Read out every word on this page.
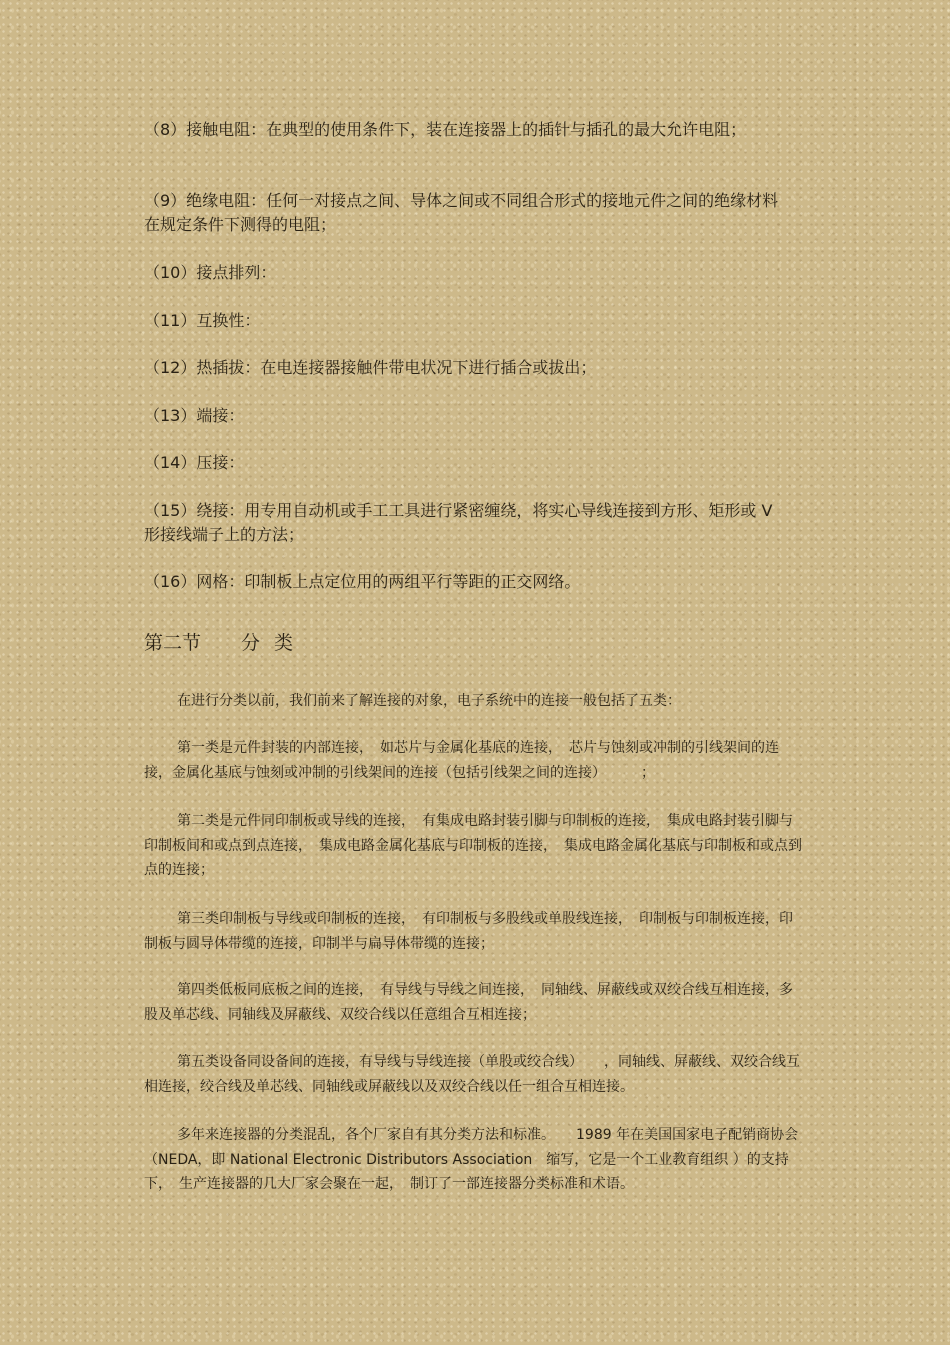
（8）接触电阻：在典型的使用条件下，装在连接器上的插针与插孔的最大允许电阻；

（9）绝缘电阻：任何一对接点之间、导体之间或不同组合形式的接地元件之间的绝缘材料在规定条件下测得的电阻；

（10）接点排列：

（11）互换性：

（12）热插拔：在电连接器接触件带电状况下进行插合或拔出；

（13）端接：

（14）压接：

（15）绕接：用专用自动机或手工工具进行紧密缠绕，将实心导线连接到方形、矩形或 V形接线端子上的方法；

（16）网格：印制板上点定位用的两组平行等距的正交网络。

第二节 分类

在进行分类以前，我们前来了解连接的对象，电子系统中的连接一般包括了五类：

第一类是元件封装的内部连接，　如芯片与金属化基底的连接，　芯片与蚀刻或冲制的引线架间的连接，金属化基底与蚀刻或冲制的引线架间的连接（包括引线架之间的连接）　　　；

第二类是元件同印制板或导线的连接，　有集成电路封装引脚与印制板的连接，　集成电路封装引脚与印制板间和或点到点连接，　集成电路金属化基底与印制板的连接，　集成电路金属化基底与印制板和或点到点的连接；

第三类印制板与导线或印制板的连接，　有印制板与多股线或单股线连接，　印制板与印制板连接，印制板与圆导体带缆的连接，印制半与扁导体带缆的连接；

第四类低板同底板之间的连接，　有导线与导线之间连接，　同轴线、屏蔽线或双绞合线互相连接，多股及单芯线、同轴线及屏蔽线、双绞合线以任意组合互相连接；

第五类设备同设备间的连接，有导线与导线连接（单股或绞合线）　　，同轴线、屏蔽线、双绞合线互相连接，绞合线及单芯线、同轴线或屏蔽线以及双绞合线以任一组合互相连接。

多年来连接器的分类混乱，各个厂家自有其分类方法和标准。　　1989 年在美国国家电子配销商协会 （NEDA，即 National Electronic Distributors Association　缩写，它是一个工业教育组织 ）的支持下，　生产连接器的几大厂家会聚在一起，　制订了一部连接器分类标准和术语。
